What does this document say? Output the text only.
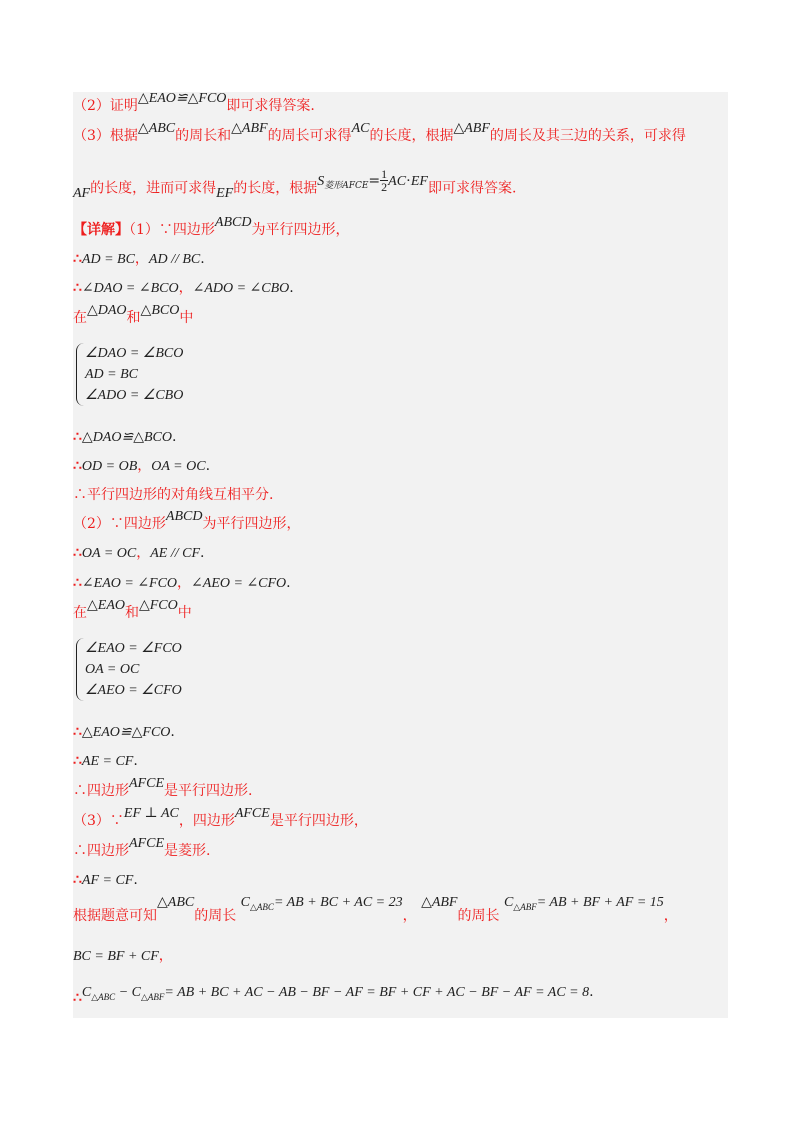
（2）证明△EAO≌△FCO即可求得答案.
（3）根据△ABC的周长和△ABF的周长可求得AC的长度，根据△ABF的周长及其三边的关系，可求得
AF的长度，进而可求得EF的长度，根据$S_{菱形AFCE}= \frac{1}{2} AC\cdot EF$即可求得答案.
【详解】（1）∵四边形ABCD为平行四边形，
∴AD = BC，AD // BC.
∴∠DAO = ∠BCO，∠ADO = ∠CBO.
在△DAO和△BCO中
∠DAO = ∠BCO
AD = BC
∠ADO = ∠CBO
∴△DAO≌△BCO.
∴OD = OB，OA = OC.
∴平行四边形的对角线互相平分.
（2）∵四边形ABCD为平行四边形，
∴OA = OC，AE // CF.
∴∠EAO = ∠FCO，∠AEO = ∠CFO.
在△EAO和△FCO中
∠EAO = ∠FCO
OA = OC
∠AEO = ∠CFO
∴△EAO≌△FCO.
∴AE = CF.
∴四边形AFCE是平行四边形.
（3）∵EF ⊥ AC，四边形AFCE是平行四边形，
∴四边形AFCE是菱形.
∴AF = CF.
根据题意可知△ABC的周长 $C_{\triangle ABC}=$ AB + BC + AC = 23， △ABF的周长 $C_{\triangle ABF}=$ AB + BF + AF = 15，
BC = BF + CF，
$\therefore C_{\triangle ABC} - C_{\triangle ABF}=$ AB + BC + AC − AB − BF − AF = BF + CF + AC − BF − AF = AC = 8.
